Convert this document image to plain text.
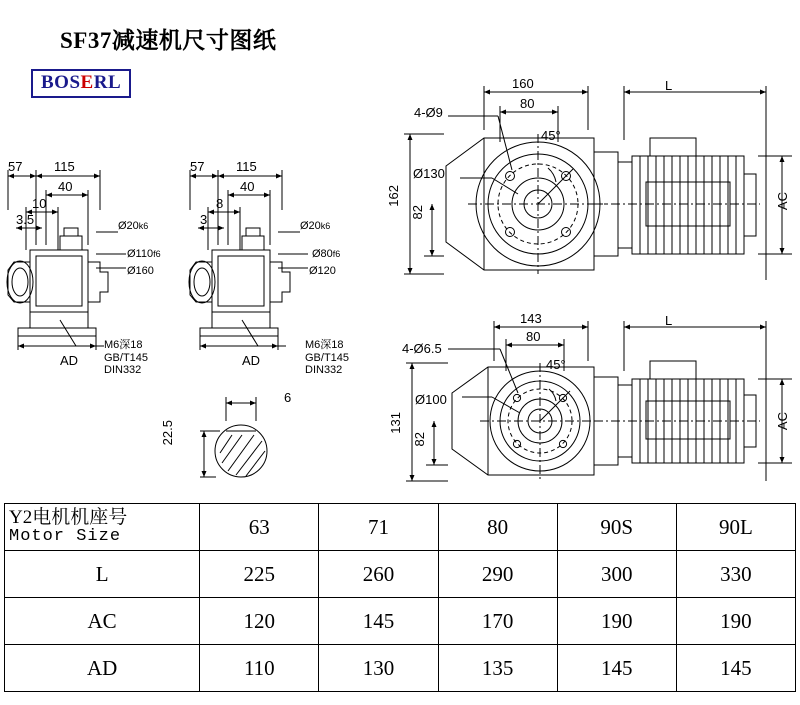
SF37减速机尺寸图纸
BOSERL
57 115
40
10
3.5	Ø20k6
Ø110f6
Ø160
AD
M6深18
GB/T145
DIN332
57 115
40
8
3	Ø20k6
Ø80f6
Ø120
AD
M6深18
GB/T145
DIN332
6
22.5
160
80
4-Ø9
45°
Ø130
162
82
L
AC
143
80
4-Ø6.5
45°
Ø100
131
82
L
AC
Y2电机机座号
Motor Size	63	71	80	90S	90L
L	225	260	290	300	330
AC	120	145	170	190	190
AD	110	130	135	145	145
